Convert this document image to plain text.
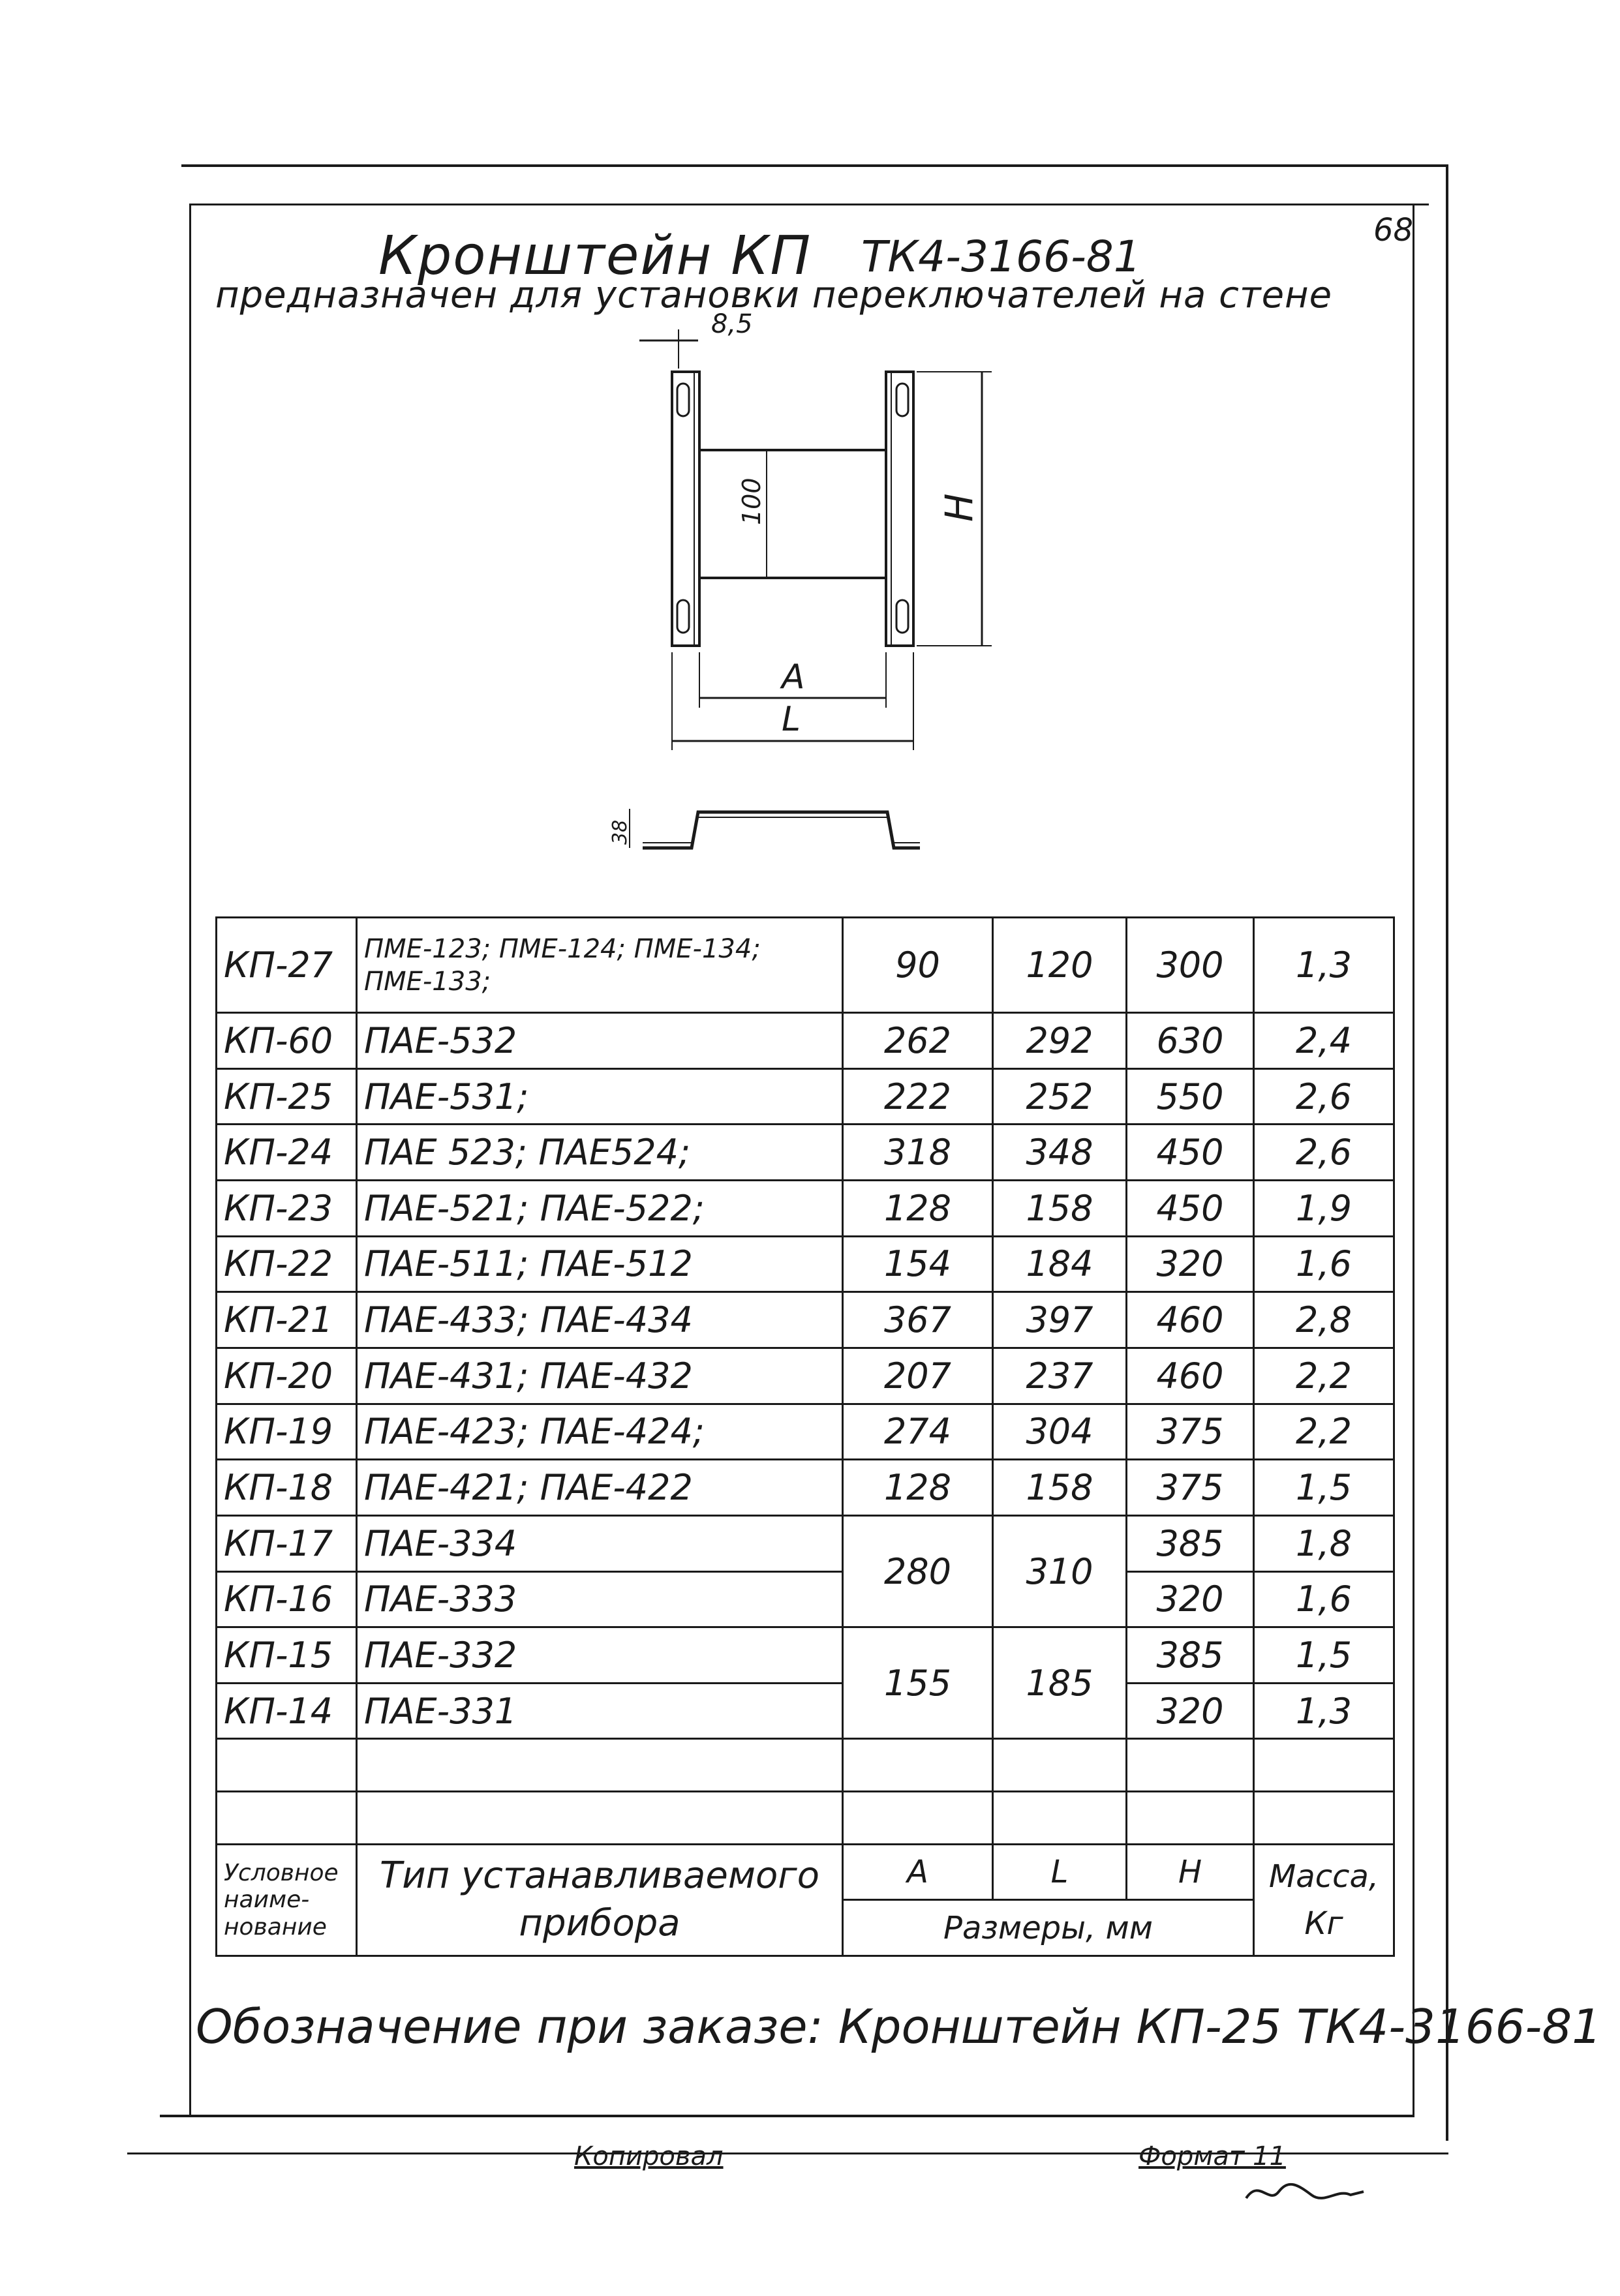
68
Кронштейн КП ТК4-3166-81
предназначен для установки переключателей на стене
8,5
100	Н
А
L
38
КП-27	ПМЕ-123; ПМЕ-124; ПМЕ-134; ПМЕ-133;	90	120	300	1,3
КП-60	ПАЕ-532	262	292	630	2,4
КП-25	ПАЕ-531;	222	252	550	2,6
КП-24	ПАЕ 523; ПАЕ524;	318	348	450	2,6
КП-23	ПАЕ-521; ПАЕ-522;	128	158	450	1,9
КП-22	ПАЕ-511; ПАЕ-512	154	184	320	1,6
КП-21	ПАЕ-433; ПАЕ-434	367	397	460	2,8
КП-20	ПАЕ-431; ПАЕ-432	207	237	460	2,2
КП-19	ПАЕ-423; ПАЕ-424;	274	304	375	2,2
КП-18	ПАЕ-421; ПАЕ-422	128	158	375	1,5
КП-17	ПАЕ-334	280	310	385	1,8
КП-16	ПАЕ-333			320	1,6
КП-15	ПАЕ-332	155	185	385	1,5
КП-14	ПАЕ-331			320	1,3

Условное наиме-нование	Тип устанавливаемого прибора	А	L	Н	Масса, Кг
		Размеры, мм			
Обозначение при заказе: Кронштейн КП-25 ТК4-3166-81
Копировал	Формат 11
